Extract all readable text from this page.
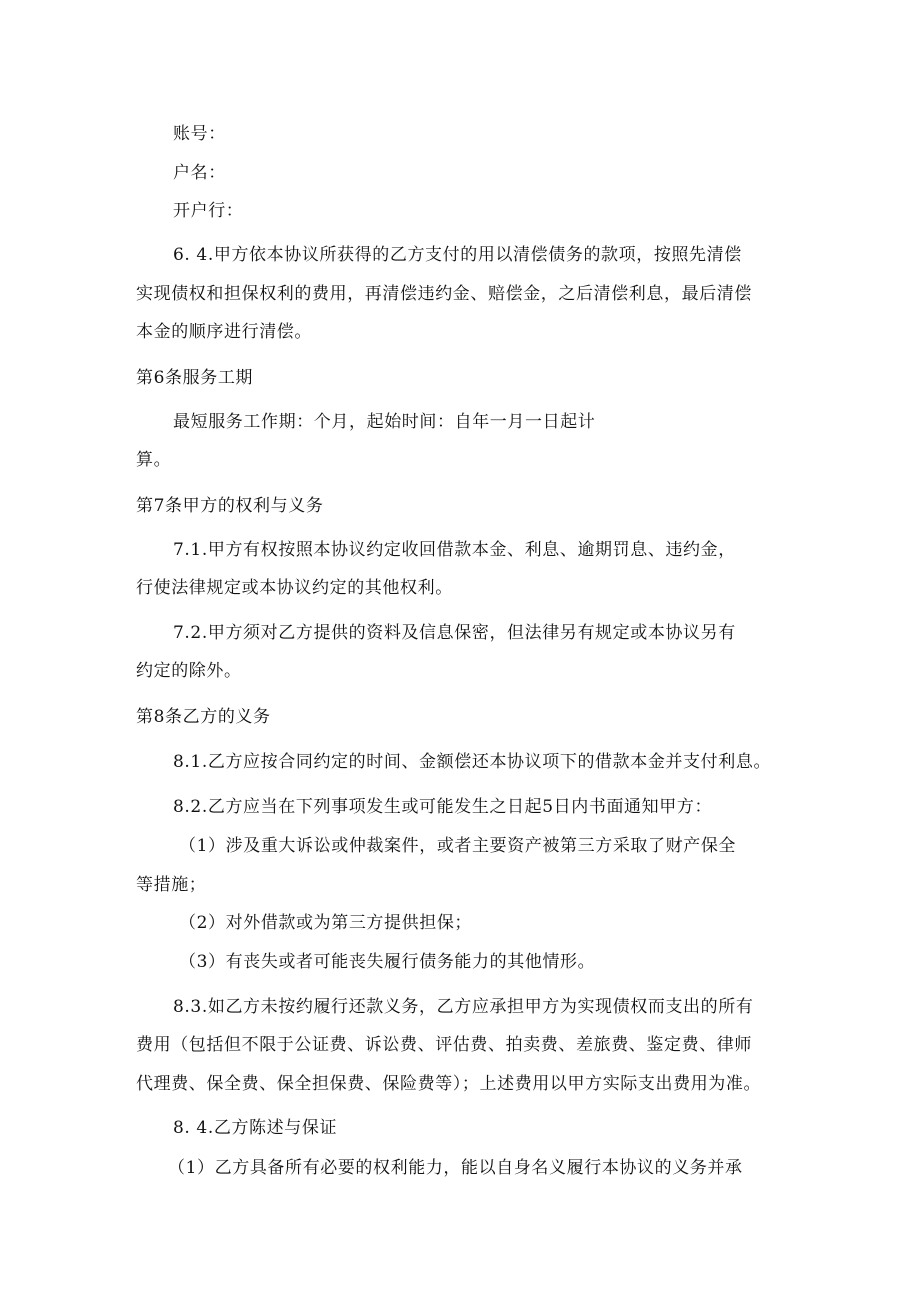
账号：
户名：
开户行：
6. 4.甲方依本协议所获得的乙方支付的用以清偿债务的款项，按照先清偿
实现债权和担保权利的费用，再清偿违约金、赔偿金，之后清偿利息，最后清偿
本金的顺序进行清偿。
第6条服务工期
最短服务工作期：个月，起始时间：自年一月一日起计
算。
第7条甲方的权利与义务
7.1.甲方有权按照本协议约定收回借款本金、利息、逾期罚息、违约金，
行使法律规定或本协议约定的其他权利。
7.2.甲方须对乙方提供的资料及信息保密，但法律另有规定或本协议另有
约定的除外。
第8条乙方的义务
8.1.乙方应按合同约定的时间、金额偿还本协议项下的借款本金并支付利息。
8.2.乙方应当在下列事项发生或可能发生之日起5日内书面通知甲方：
（1）涉及重大诉讼或仲裁案件，或者主要资产被第三方采取了财产保全
等措施；
（2）对外借款或为第三方提供担保；
（3）有丧失或者可能丧失履行债务能力的其他情形。
8.3.如乙方未按约履行还款义务，乙方应承担甲方为实现债权而支出的所有
费用（包括但不限于公证费、诉讼费、评估费、拍卖费、差旅费、鉴定费、律师
代理费、保全费、保全担保费、保险费等）；上述费用以甲方实际支出费用为准。
8. 4.乙方陈述与保证
（1）乙方具备所有必要的权利能力，能以自身名义履行本协议的义务并承
